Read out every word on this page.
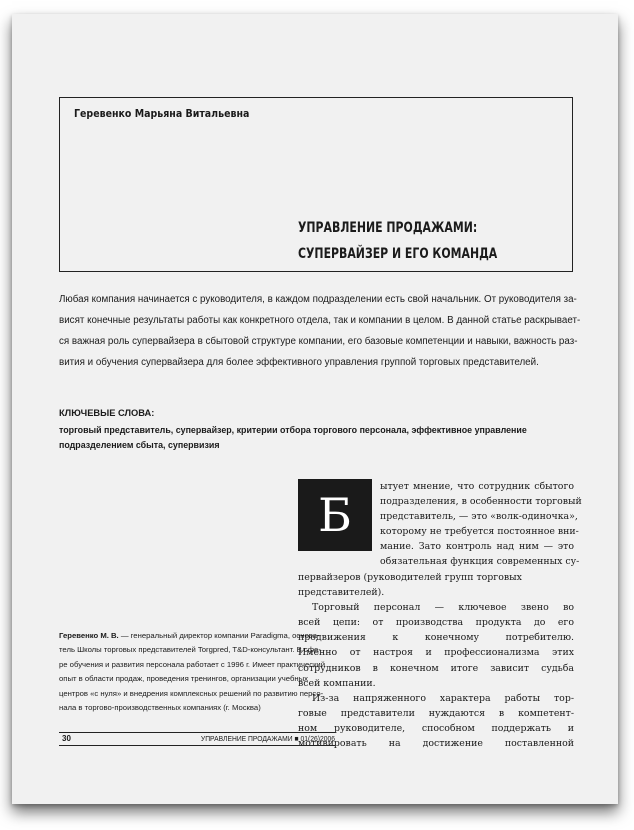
Геревенко Марьяна Витальевна
УПРАВЛЕНИЕ ПРОДАЖАМИ:
СУПЕРВАЙЗЕР И ЕГО КОМАНДА
Любая компания начинается с руководителя, в каждом подразделении есть свой начальник. От руководителя за-
висят конечные результаты работы как конкретного отдела, так и компании в целом. В данной статье раскрывает-
ся важная роль супервайзера в сбытовой структуре компании, его базовые компетенции и навыки, важность раз-
вития и обучения супервайзера для более эффективного управления группой торговых представителей.
КЛЮЧЕВЫЕ СЛОВА:
торговый представитель, супервайзер, критерии отбора торгового персонала, эффективное управление
подразделением сбыта, супервизия
Б
ытует мнение, что сотрудник сбытого
подразделения, в особенности торговый
представитель, — это «волк-одиночка»,
которому не требуется постоянное вни-
мание. Зато контроль над ним — это
обязательная функция современных су-
первайзеров (руководителей групп торговых
представителей).
Торговый персонал — ключевое звено во
всей цепи: от производства продукта до его
продвижения к конечному потребителю.
Именно от настроя и профессионализма этих
сотрудников в конечном итоге зависит судьба
всей компании.
Из-за напряженного характера работы тор-
говые представители нуждаются в компетент-
ном руководителе, способном поддержать и
мотивировать на достижение поставленной
Геревенко М. В. — генеральный директор компании Paradigma, основа-
тель Школы торговых представителей Torgpred, T&D-консультант. В сфе-
ре обучения и развития персонала работает с 1996 г. Имеет практический
опыт в области продаж, проведения тренингов, организации учебных
центров «с нуля» и внедрения комплексных решений по развитию персо-
нала в торгово-производственных компаниях (г. Москва)
30	УПРАВЛЕНИЕ ПРОДАЖАМИ ■ 01(26)2006
